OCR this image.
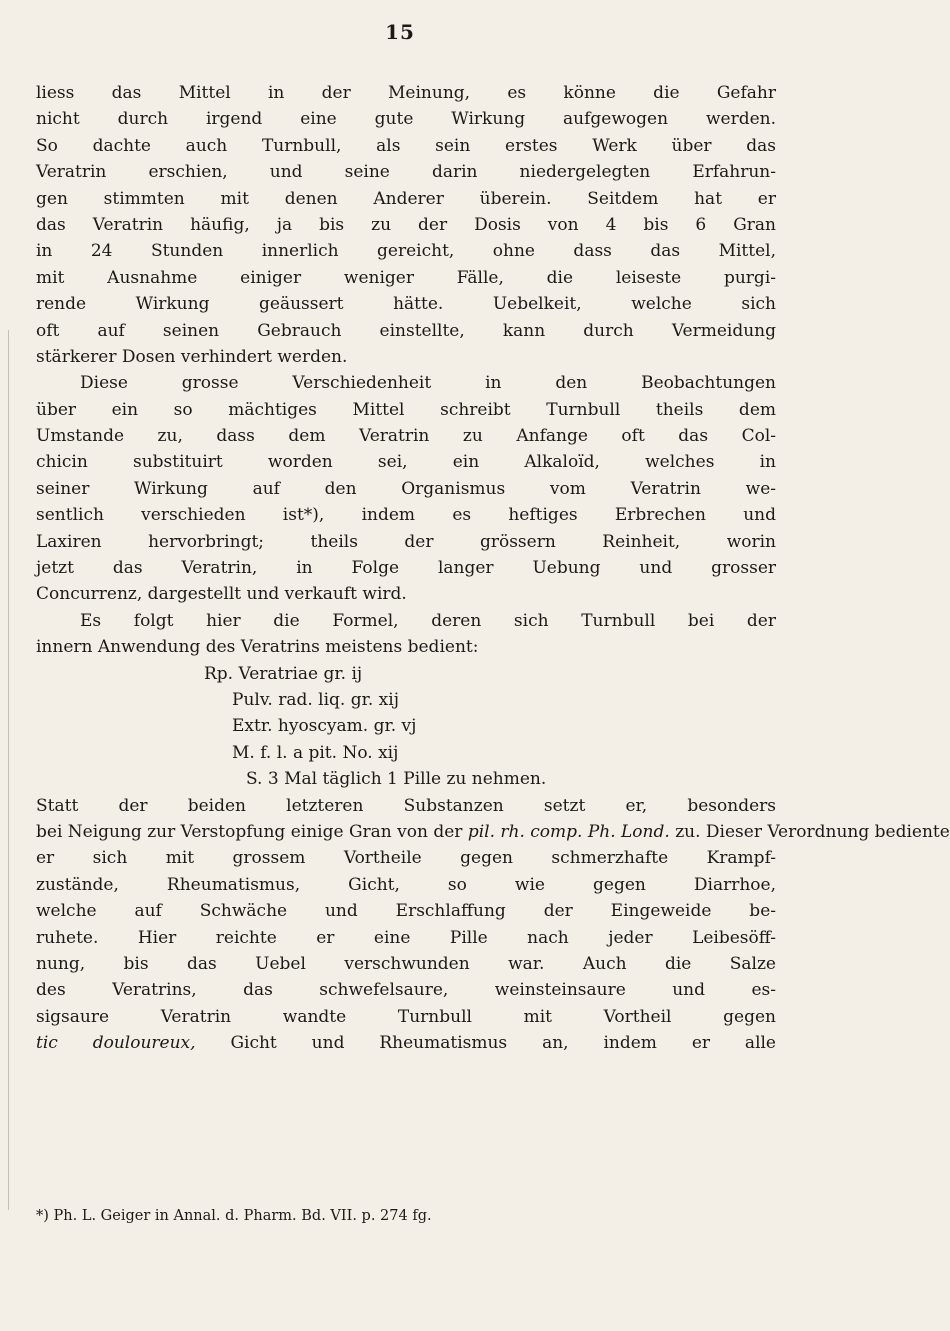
15
liess das Mittel in der Meinung, es könne die Gefahr
nicht durch irgend eine gute Wirkung aufgewogen werden.
So dachte auch Turnbull, als sein erstes Werk über das
Veratrin erschien, und seine darin niedergelegten Erfahrun-
gen stimmten mit denen Anderer überein. Seitdem hat er
das Veratrin häufig, ja bis zu der Dosis von 4 bis 6 Gran
in 24 Stunden innerlich gereicht, ohne dass das Mittel,
mit Ausnahme einiger weniger Fälle, die leiseste purgi-
rende Wirkung geäussert hätte. Uebelkeit, welche sich
oft auf seinen Gebrauch einstellte, kann durch Vermeidung
stärkerer Dosen verhindert werden.
Diese grosse Verschiedenheit in den Beobachtungen
über ein so mächtiges Mittel schreibt Turnbull theils dem
Umstande zu, dass dem Veratrin zu Anfange oft das Col-
chicin substituirt worden sei, ein Alkaloïd, welches in
seiner Wirkung auf den Organismus vom Veratrin we-
sentlich verschieden ist*), indem es heftiges Erbrechen und
Laxiren hervorbringt; theils der grössern Reinheit, worin
jetzt das Veratrin, in Folge langer Uebung und grosser
Concurrenz, dargestellt und verkauft wird.
Es folgt hier die Formel, deren sich Turnbull bei der
innern Anwendung des Veratrins meistens bedient:
Rp. Veratriae gr. ij
Pulv. rad. liq. gr. xij
Extr. hyoscyam. gr. vj
M. f. l. a pit. No. xij
S. 3 Mal täglich 1 Pille zu nehmen.
Statt der beiden letzteren Substanzen setzt er, besonders
bei Neigung zur Verstopfung einige Gran von der pil. rh. comp. Ph. Lond. zu. Dieser Verordnung bediente
er sich mit grossem Vortheile gegen schmerzhafte Krampf-
zustände, Rheumatismus, Gicht, so wie gegen Diarrhoe,
welche auf Schwäche und Erschlaffung der Eingeweide be-
ruhete. Hier reichte er eine Pille nach jeder Leibesöff-
nung, bis das Uebel verschwunden war. Auch die Salze
des Veratrins, das schwefelsaure, weinsteinsaure und es-
sigsaure Veratrin wandte Turnbull mit Vortheil gegen
tic douloureux, Gicht und Rheumatismus an, indem er alle
*) Ph. L. Geiger in Annal. d. Pharm. Bd. VII. p. 274 fg.
